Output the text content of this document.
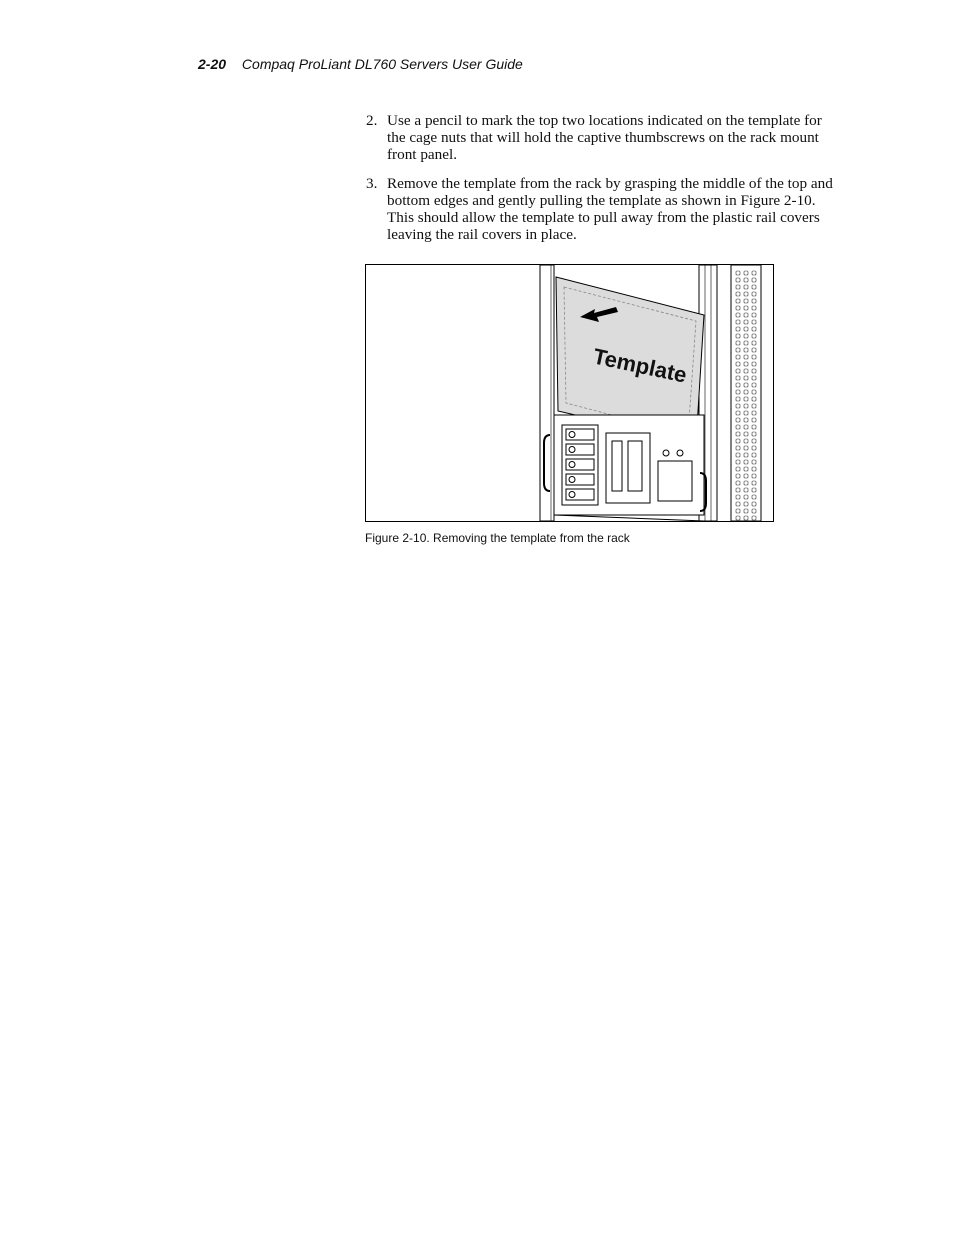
2-20 Compaq ProLiant DL760 Servers User Guide
2. Use a pencil to mark the top two locations indicated on the template for the cage nuts that will hold the captive thumbscrews on the rack mount front panel.
3. Remove the template from the rack by grasping the middle of the top and bottom edges and gently pulling the template as shown in Figure 2-10. This should allow the template to pull away from the plastic rail covers leaving the rail covers in place.
Template
Figure 2-10. Removing the template from the rack
